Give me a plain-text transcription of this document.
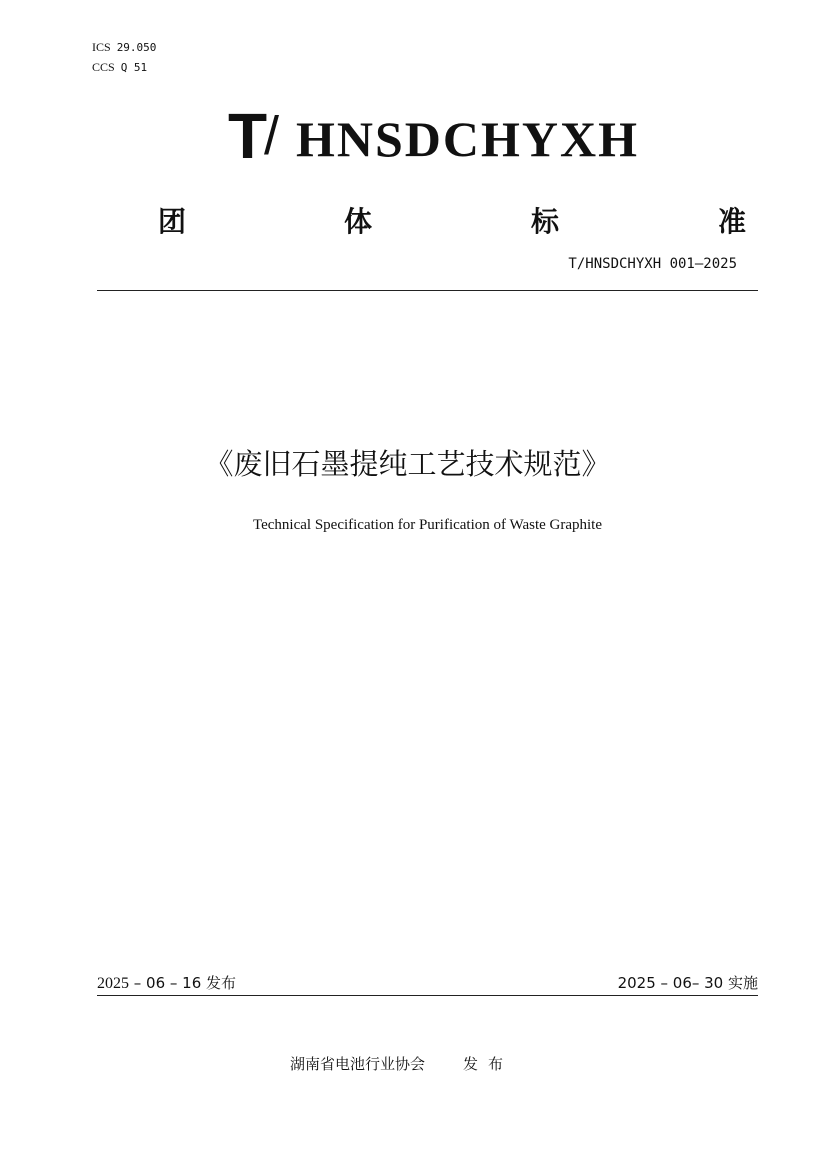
ICS 29.050
CCS Q 51
T
/ HNSDCHYXH
团	体	标	准
T/HNSDCHYXH 001—2025
《废旧石墨提纯工艺技术规范》
Technical Specification for Purification of Waste Graphite
2025 – 06 – 16 发布	2025 – 06– 30 实施
湖南省电池行业协会	发布
